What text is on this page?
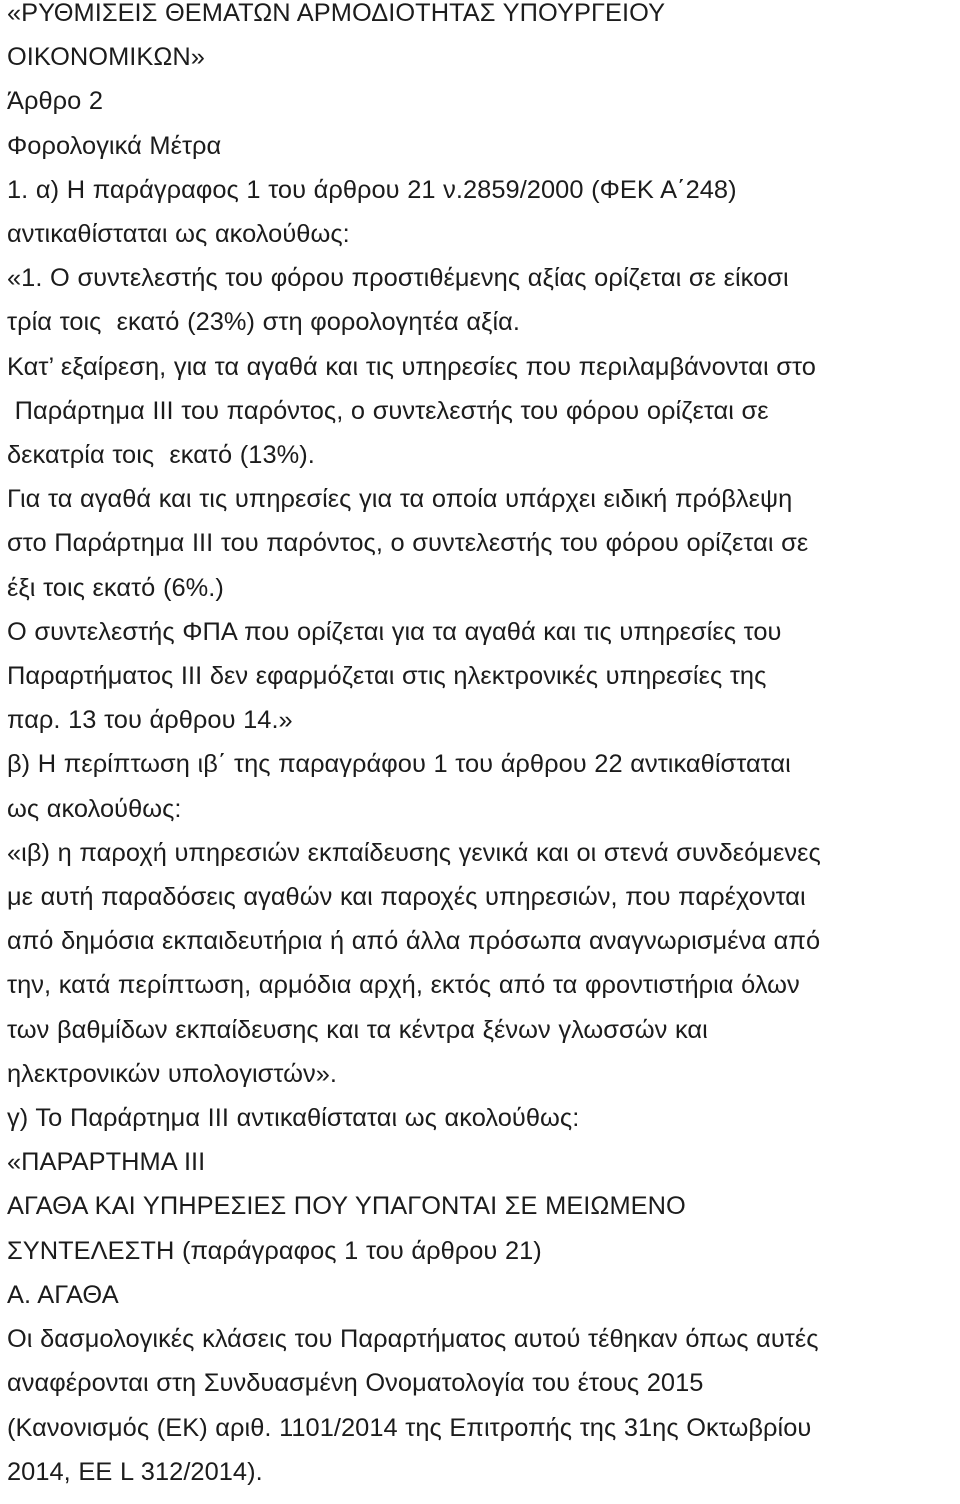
«ΡΥΘΜΙΣΕΙΣ ΘΕΜΑΤΩΝ ΑΡΜΟΔΙΟΤΗΤΑΣ ΥΠΟΥΡΓΕΙΟΥ
ΟΙΚΟΝΟΜΙΚΩΝ»
Άρθρο 2
Φορολογικά Μέτρα
1. α) Η παράγραφος 1 του άρθρου 21 ν.2859/2000 (ΦΕΚ Α΄248)
αντικαθίσταται ως ακολούθως:
«1. Ο συντελεστής του φόρου προστιθέμενης αξίας ορίζεται σε είκοσι
τρία τοις  εκατό (23%) στη φορολογητέα αξία.
Κατ’ εξαίρεση, για τα αγαθά και τις υπηρεσίες που περιλαμβάνονται στο
Παράρτημα ΙΙΙ του παρόντος, ο συντελεστής του φόρου ορίζεται σε
δεκατρία τοις  εκατό (13%).
Για τα αγαθά και τις υπηρεσίες για τα οποία υπάρχει ειδική πρόβλεψη
στο Παράρτημα ΙΙΙ του παρόντος, ο συντελεστής του φόρου ορίζεται σε
έξι τοις εκατό (6%.)
Ο συντελεστής ΦΠΑ που ορίζεται για τα αγαθά και τις υπηρεσίες του
Παραρτήματος ΙΙΙ δεν εφαρμόζεται στις ηλεκτρονικές υπηρεσίες της
παρ. 13 του άρθρου 14.»
β) Η περίπτωση ιβ΄ της παραγράφου 1 του άρθρου 22 αντικαθίσταται
ως ακολούθως:
«ιβ) η παροχή υπηρεσιών εκπαίδευσης γενικά και οι στενά συνδεόμενες
με αυτή παραδόσεις αγαθών και παροχές υπηρεσιών, που παρέχονται
από δημόσια εκπαιδευτήρια ή από άλλα πρόσωπα αναγνωρισμένα από
την, κατά περίπτωση, αρμόδια αρχή, εκτός από τα φροντιστήρια όλων
των βαθμίδων εκπαίδευσης και τα κέντρα ξένων γλωσσών και
ηλεκτρονικών υπολογιστών».
γ) Το Παράρτημα ΙΙΙ αντικαθίσταται ως ακολούθως:
«ΠΑΡΑΡΤΗΜΑ ΙΙΙ
ΑΓΑΘΑ ΚΑΙ ΥΠΗΡΕΣΙΕΣ ΠΟΥ ΥΠΑΓΟΝΤΑΙ ΣΕ ΜΕΙΩΜΕΝΟ
ΣΥΝΤΕΛΕΣΤΗ (παράγραφος 1 του άρθρου 21)
Α. ΑΓΑΘΑ
Οι δασμολογικές κλάσεις του Παραρτήματος αυτού τέθηκαν όπως αυτές
αναφέρονται στη Συνδυασμένη Ονοματολογία του έτους 2015
(Κανονισμός (ΕΚ) αριθ. 1101/2014 της Επιτροπής της 31ης Οκτωβρίου
2014, ΕΕ L 312/2014).
